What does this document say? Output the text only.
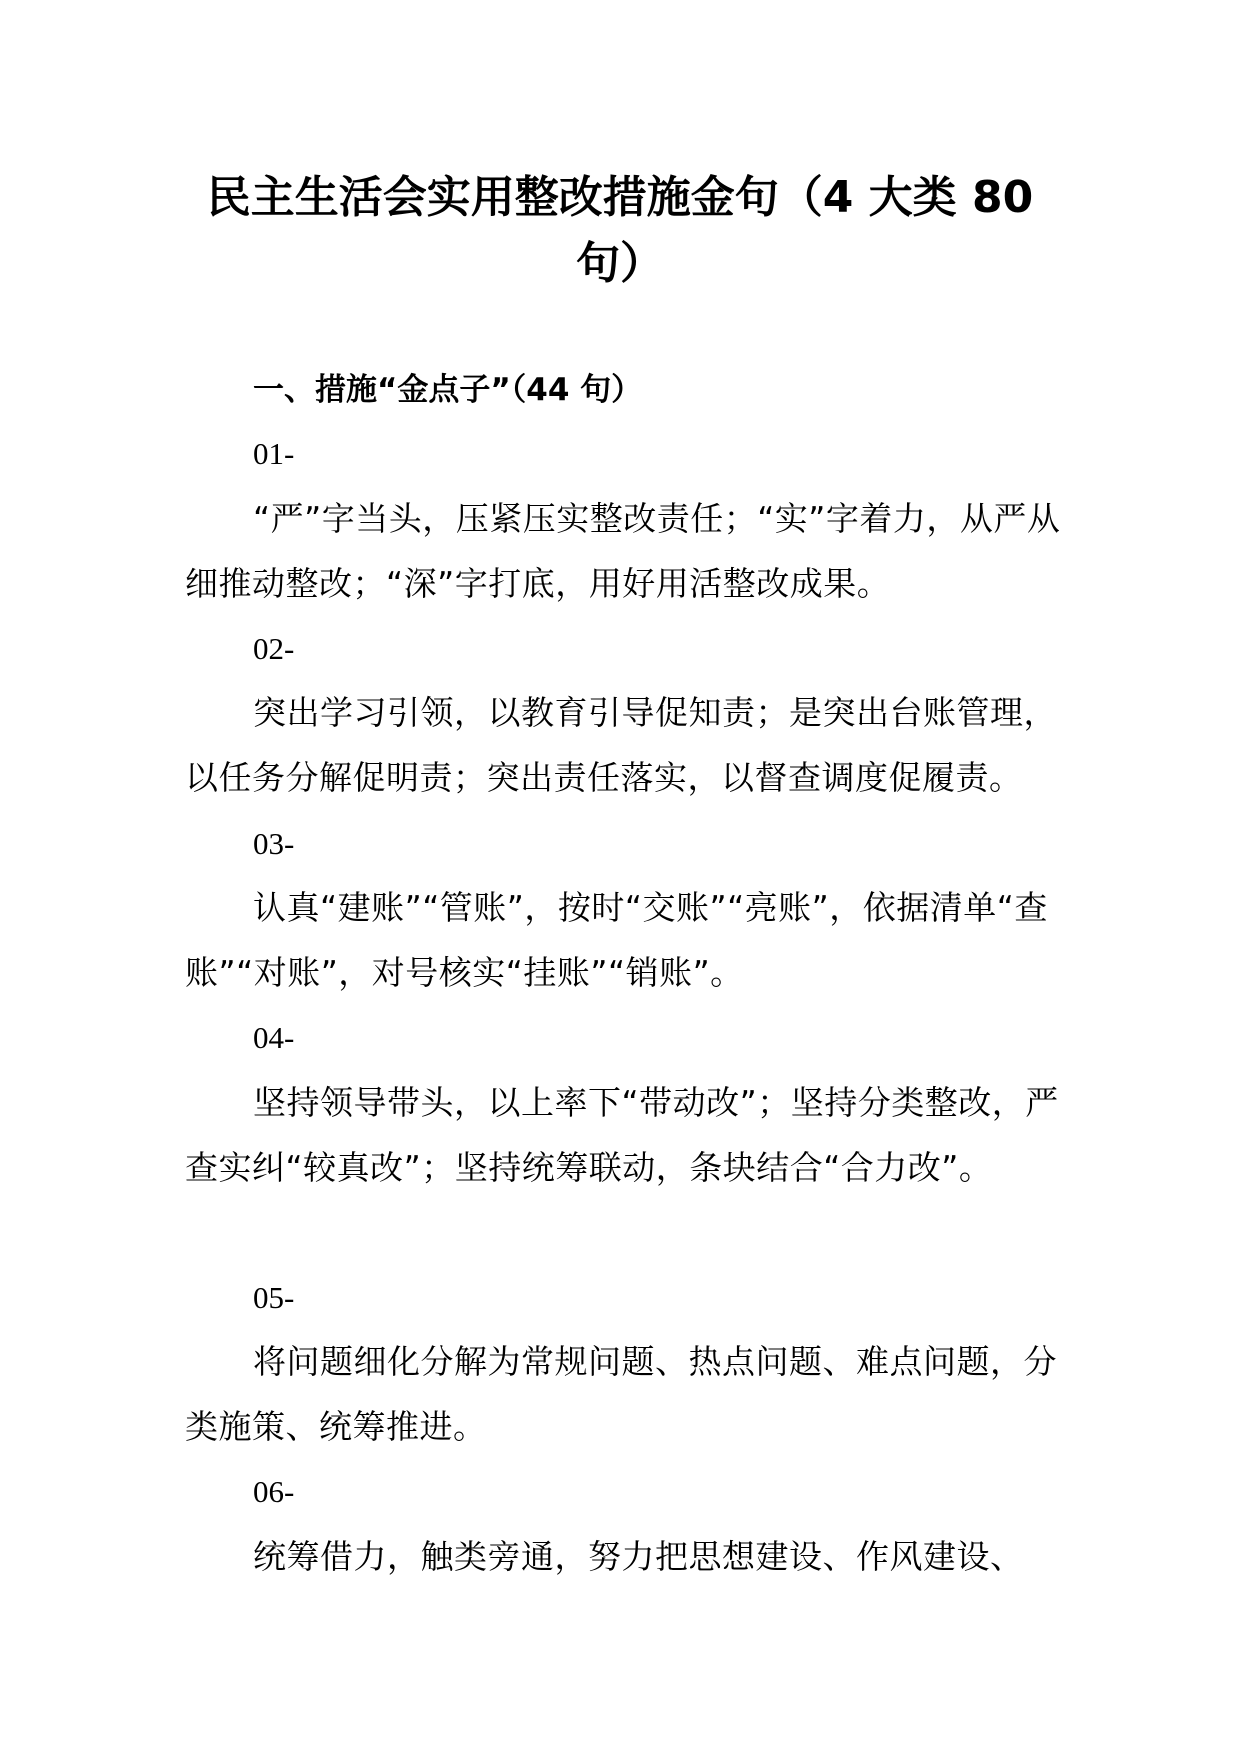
民主生活会实用整改措施金句（4 大类 80 句）
一、措施“金点子”（44 句）
01-

“严”字当头，压紧压实整改责任；“实”字着力，从严从细推动整改；“深”字打底，用好用活整改成果。

02-

突出学习引领，以教育引导促知责；是突出台账管理，以任务分解促明责；突出责任落实，以督查调度促履责。

03-

认真“建账”“管账”，按时“交账”“亮账”，依据清单“查账”“对账”，对号核实“挂账”“销账”。

04-

坚持领导带头，以上率下“带动改”；坚持分类整改，严查实纠“较真改”；坚持统筹联动，条块结合“合力改”。

05-

将问题细化分解为常规问题、热点问题、难点问题，分类施策、统筹推进。

06-

统筹借力，触类旁通，努力把思想建设、作风建设、
